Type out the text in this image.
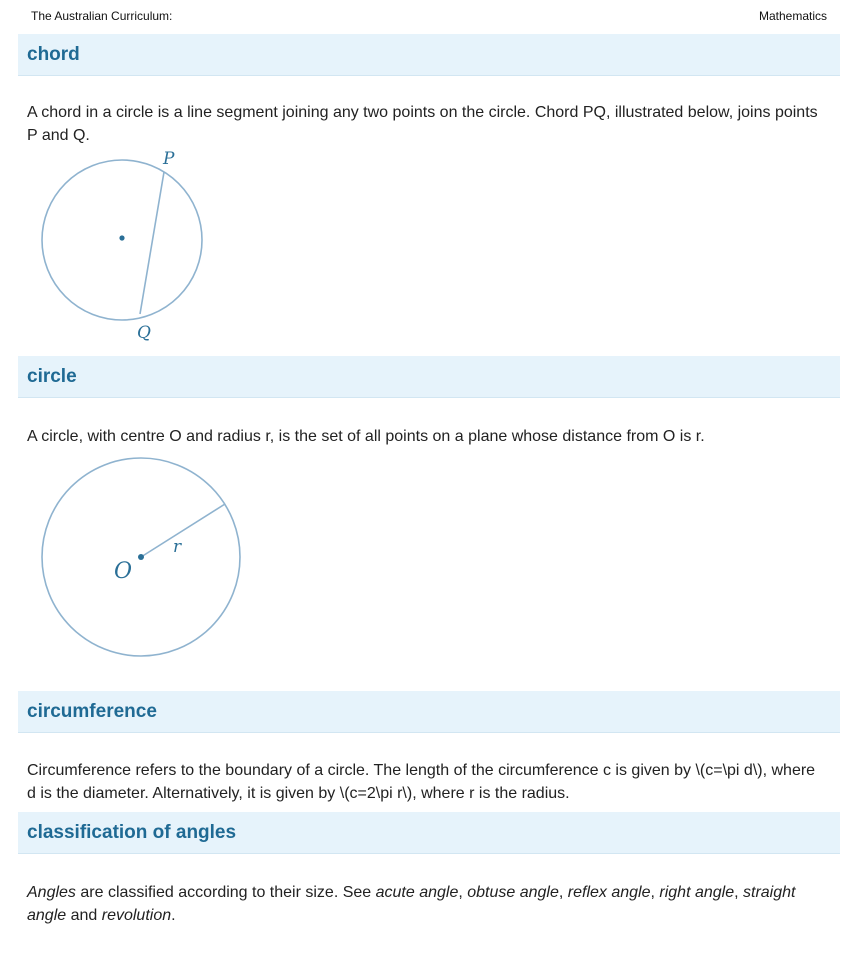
The Australian Curriculum:	Mathematics
chord

A chord in a circle is a line segment joining any two points on the circle. Chord PQ, illustrated below, joins points P and Q.

P
Q
circle

A circle, with centre O and radius r, is the set of all points on a plane whose distance from O is r.

O
r
circumference

Circumference refers to the boundary of a circle. The length of the circumference c is given by \(c=\pi d\), where d is the diameter. Alternatively, it is given by \(c=2\pi r\), where r is the radius.

classification of angles

Angles are classified according to their size. See acute angle, obtuse angle, reflex angle, right angle, straight angle and revolution.
